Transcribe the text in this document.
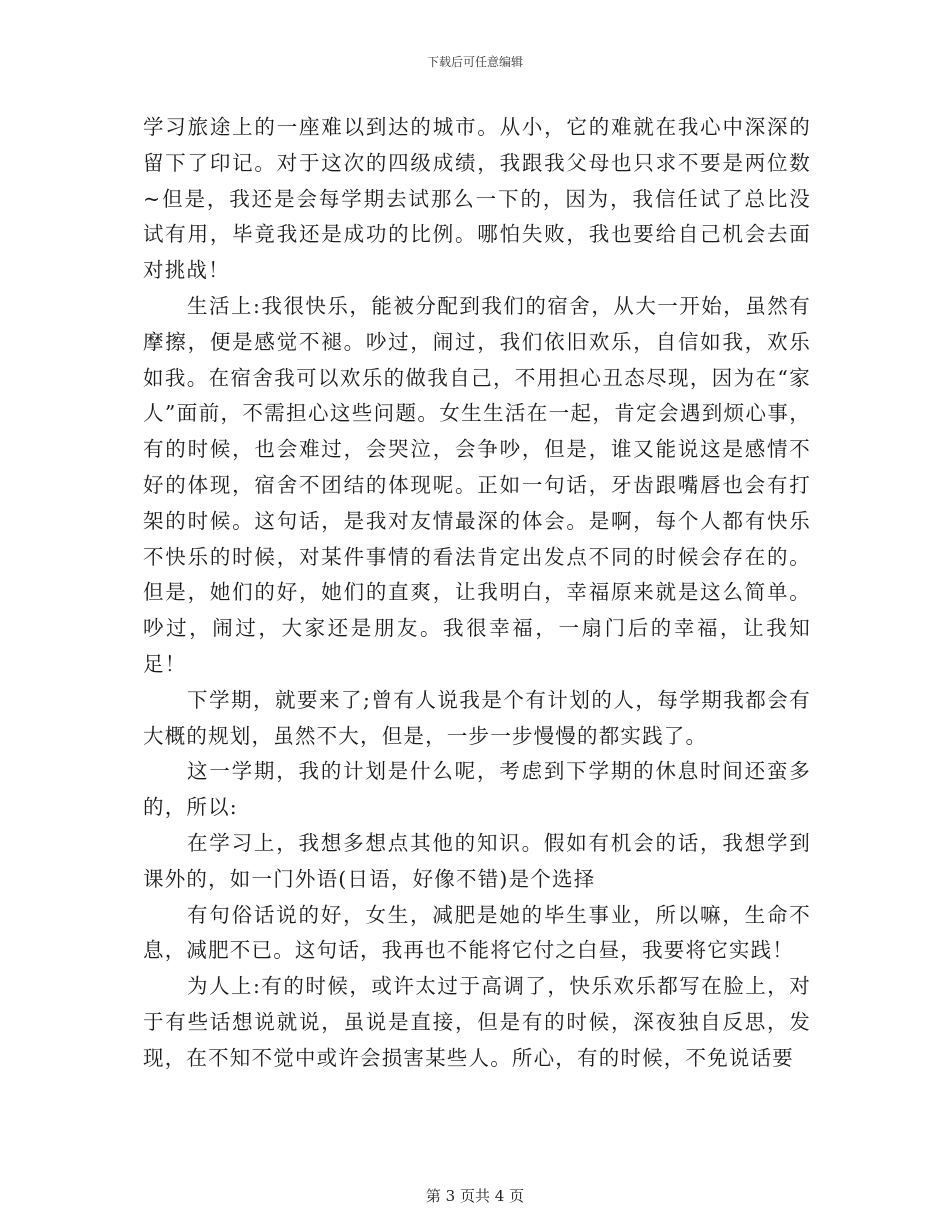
下载后可任意编辑

学习旅途上的一座难以到达的城市。从小，它的难就在我心中深深的留下了印记。对于这次的四级成绩，我跟我父母也只求不要是两位数~但是，我还是会每学期去试那么一下的，因为，我信任试了总比没试有用，毕竟我还是成功的比例。哪怕失败，我也要给自己机会去面对挑战！

生活上:我很快乐，能被分配到我们的宿舍，从大一开始，虽然有摩擦，便是感觉不褪。吵过，闹过，我们依旧欢乐，自信如我，欢乐如我。在宿舍我可以欢乐的做我自己，不用担心丑态尽现，因为在“家人”面前，不需担心这些问题。女生生活在一起，肯定会遇到烦心事，有的时候，也会难过，会哭泣，会争吵，但是，谁又能说这是感情不好的体现，宿舍不团结的体现呢。正如一句话，牙齿跟嘴唇也会有打架的时候。这句话，是我对友情最深的体会。是啊，每个人都有快乐不快乐的时候，对某件事情的看法肯定出发点不同的时候会存在的。但是，她们的好，她们的直爽，让我明白，幸福原来就是这么简单。吵过，闹过，大家还是朋友。我很幸福，一扇门后的幸福，让我知足！

下学期，就要来了;曾有人说我是个有计划的人，每学期我都会有大概的规划，虽然不大，但是，一步一步慢慢的都实践了。

这一学期，我的计划是什么呢，考虑到下学期的休息时间还蛮多的，所以:

在学习上，我想多想点其他的知识。假如有机会的话，我想学到课外的，如一门外语(日语，好像不错)是个选择

有句俗话说的好，女生，减肥是她的毕生事业，所以嘛，生命不息，减肥不已。这句话，我再也不能将它付之白昼，我要将它实践！

为人上:有的时候，或许太过于高调了，快乐欢乐都写在脸上，对于有些话想说就说，虽说是直接，但是有的时候，深夜独自反思，发现，在不知不觉中或许会损害某些人。所心，有的时候，不免说话要

第 3 页共 4 页
